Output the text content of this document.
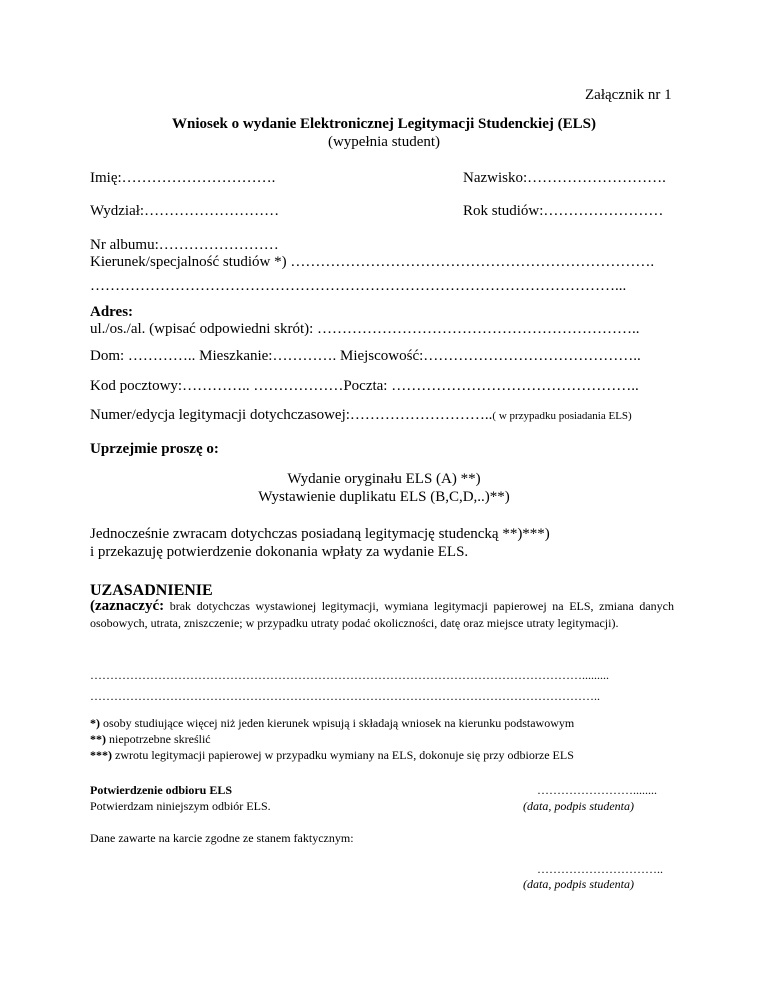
Załącznik nr 1
Wniosek o wydanie Elektronicznej Legitymacji Studenckiej (ELS)
(wypełnia student)
Imię:………………………….	Nazwisko:……………………….
Wydział:………………………	Rok studiów:……………………
Nr albumu:……………………
Kierunek/specjalność studiów *) ……………………………………………………………….
……………………………………………………………………………………………...
Adres:
ul./os./al. (wpisać odpowiedni skrót): ………………………………………………………..
Dom: ………….. Mieszkanie:…………. Miejscowość:……………………………………..
Kod pocztowy:………….. ………………Poczta: …………………………………………..
Numer/edycja legitymacji dotychczasowej:………………………..( w przypadku posiadania ELS)
Uprzejmie proszę o:
Wydanie oryginału ELS (A) **)
Wystawienie duplikatu ELS (B,C,D,..)**)
Jednocześnie zwracam dotychczas posiadaną legitymację studencką **)***)
i przekazuję potwierdzenie dokonania wpłaty za wydanie ELS.
UZASADNIENIE
(zaznaczyć: brak dotychczas wystawionej legitymacji, wymiana legitymacji papierowej na ELS, zmiana danych osobowych, utrata, zniszczenie; w przypadku utraty podać okoliczności, datę oraz miejsce utraty legitymacji).
…………………………………………………………………………………………………………….........
………………………………………………………………………………………………………………..
*) osoby studiujące więcej niż jeden kierunek wpisują i składają wniosek na kierunku podstawowym
**) niepotrzebne skreślić
***) zwrotu legitymacji papierowej w przypadku wymiany na ELS, dokonuje się przy odbiorze ELS
Potwierdzenie odbioru ELS
Potwierdzam niniejszym odbiór ELS.
……………………........
(data, podpis studenta)
Dane zawarte na karcie zgodne ze stanem faktycznym:
…………………………..
(data, podpis studenta)
